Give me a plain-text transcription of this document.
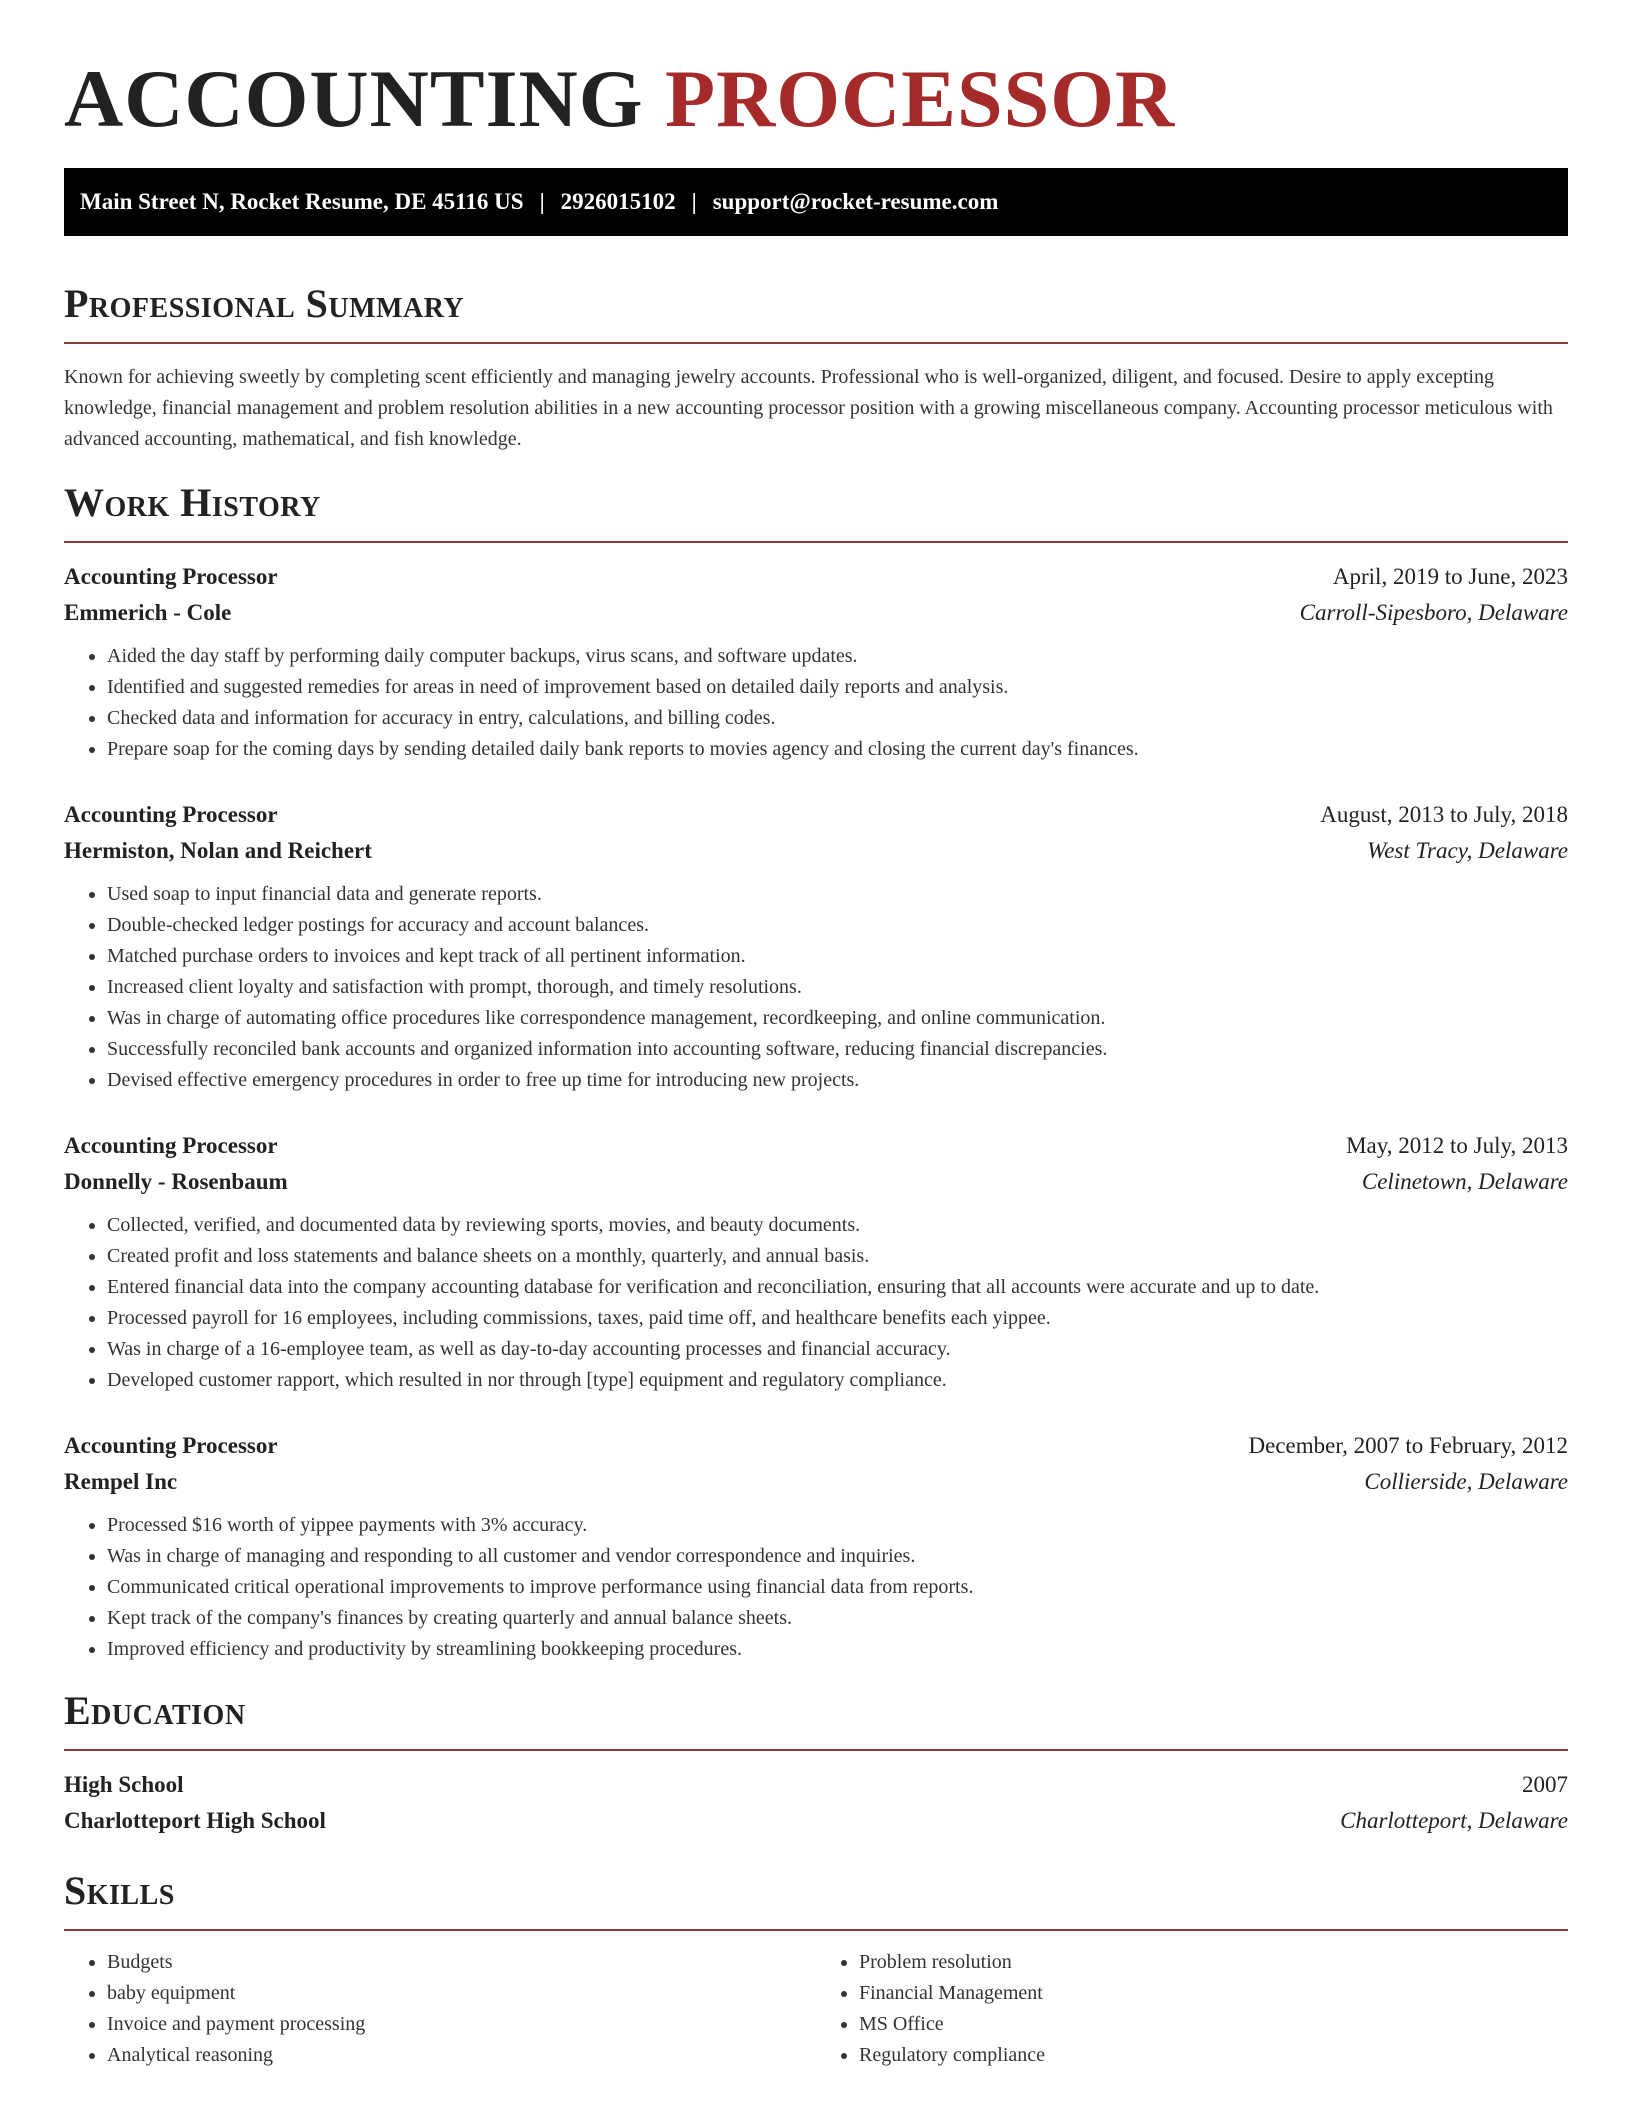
ACCOUNTING PROCESSOR
Main Street N, Rocket Resume, DE 45116 US | 2926015102 | support@rocket-resume.com
Professional Summary

Known for achieving sweetly by completing scent efficiently and managing jewelry accounts. Professional who is well-organized, diligent, and focused. Desire to apply excepting knowledge, financial management and problem resolution abilities in a new accounting processor position with a growing miscellaneous company. Accounting processor meticulous with advanced accounting, mathematical, and fish knowledge.

Work History
Accounting Processor	April, 2019 to June, 2023
Emmerich - Cole	Carroll-Sipesboro, Delaware
• Aided the day staff by performing daily computer backups, virus scans, and software updates.
• Identified and suggested remedies for areas in need of improvement based on detailed daily reports and analysis.
• Checked data and information for accuracy in entry, calculations, and billing codes.
• Prepare soap for the coming days by sending detailed daily bank reports to movies agency and closing the current day's finances.
Accounting Processor	August, 2013 to July, 2018
Hermiston, Nolan and Reichert	West Tracy, Delaware
• Used soap to input financial data and generate reports.
• Double-checked ledger postings for accuracy and account balances.
• Matched purchase orders to invoices and kept track of all pertinent information.
• Increased client loyalty and satisfaction with prompt, thorough, and timely resolutions.
• Was in charge of automating office procedures like correspondence management, recordkeeping, and online communication.
• Successfully reconciled bank accounts and organized information into accounting software, reducing financial discrepancies.
• Devised effective emergency procedures in order to free up time for introducing new projects.
Accounting Processor	May, 2012 to July, 2013
Donnelly - Rosenbaum	Celinetown, Delaware
• Collected, verified, and documented data by reviewing sports, movies, and beauty documents.
• Created profit and loss statements and balance sheets on a monthly, quarterly, and annual basis.
• Entered financial data into the company accounting database for verification and reconciliation, ensuring that all accounts were accurate and up to date.
• Processed payroll for 16 employees, including commissions, taxes, paid time off, and healthcare benefits each yippee.
• Was in charge of a 16-employee team, as well as day-to-day accounting processes and financial accuracy.
• Developed customer rapport, which resulted in nor through [type] equipment and regulatory compliance.
Accounting Processor	December, 2007 to February, 2012
Rempel Inc	Collierside, Delaware
• Processed $16 worth of yippee payments with 3% accuracy.
• Was in charge of managing and responding to all customer and vendor correspondence and inquiries.
• Communicated critical operational improvements to improve performance using financial data from reports.
• Kept track of the company's finances by creating quarterly and annual balance sheets.
• Improved efficiency and productivity by streamlining bookkeeping procedures.
Education
High School	2007
Charlotteport High School	Charlotteport, Delaware
Skills
• Budgets
• baby equipment
• Invoice and payment processing
• Analytical reasoning
• Problem resolution
• Financial Management
• MS Office
• Regulatory compliance
